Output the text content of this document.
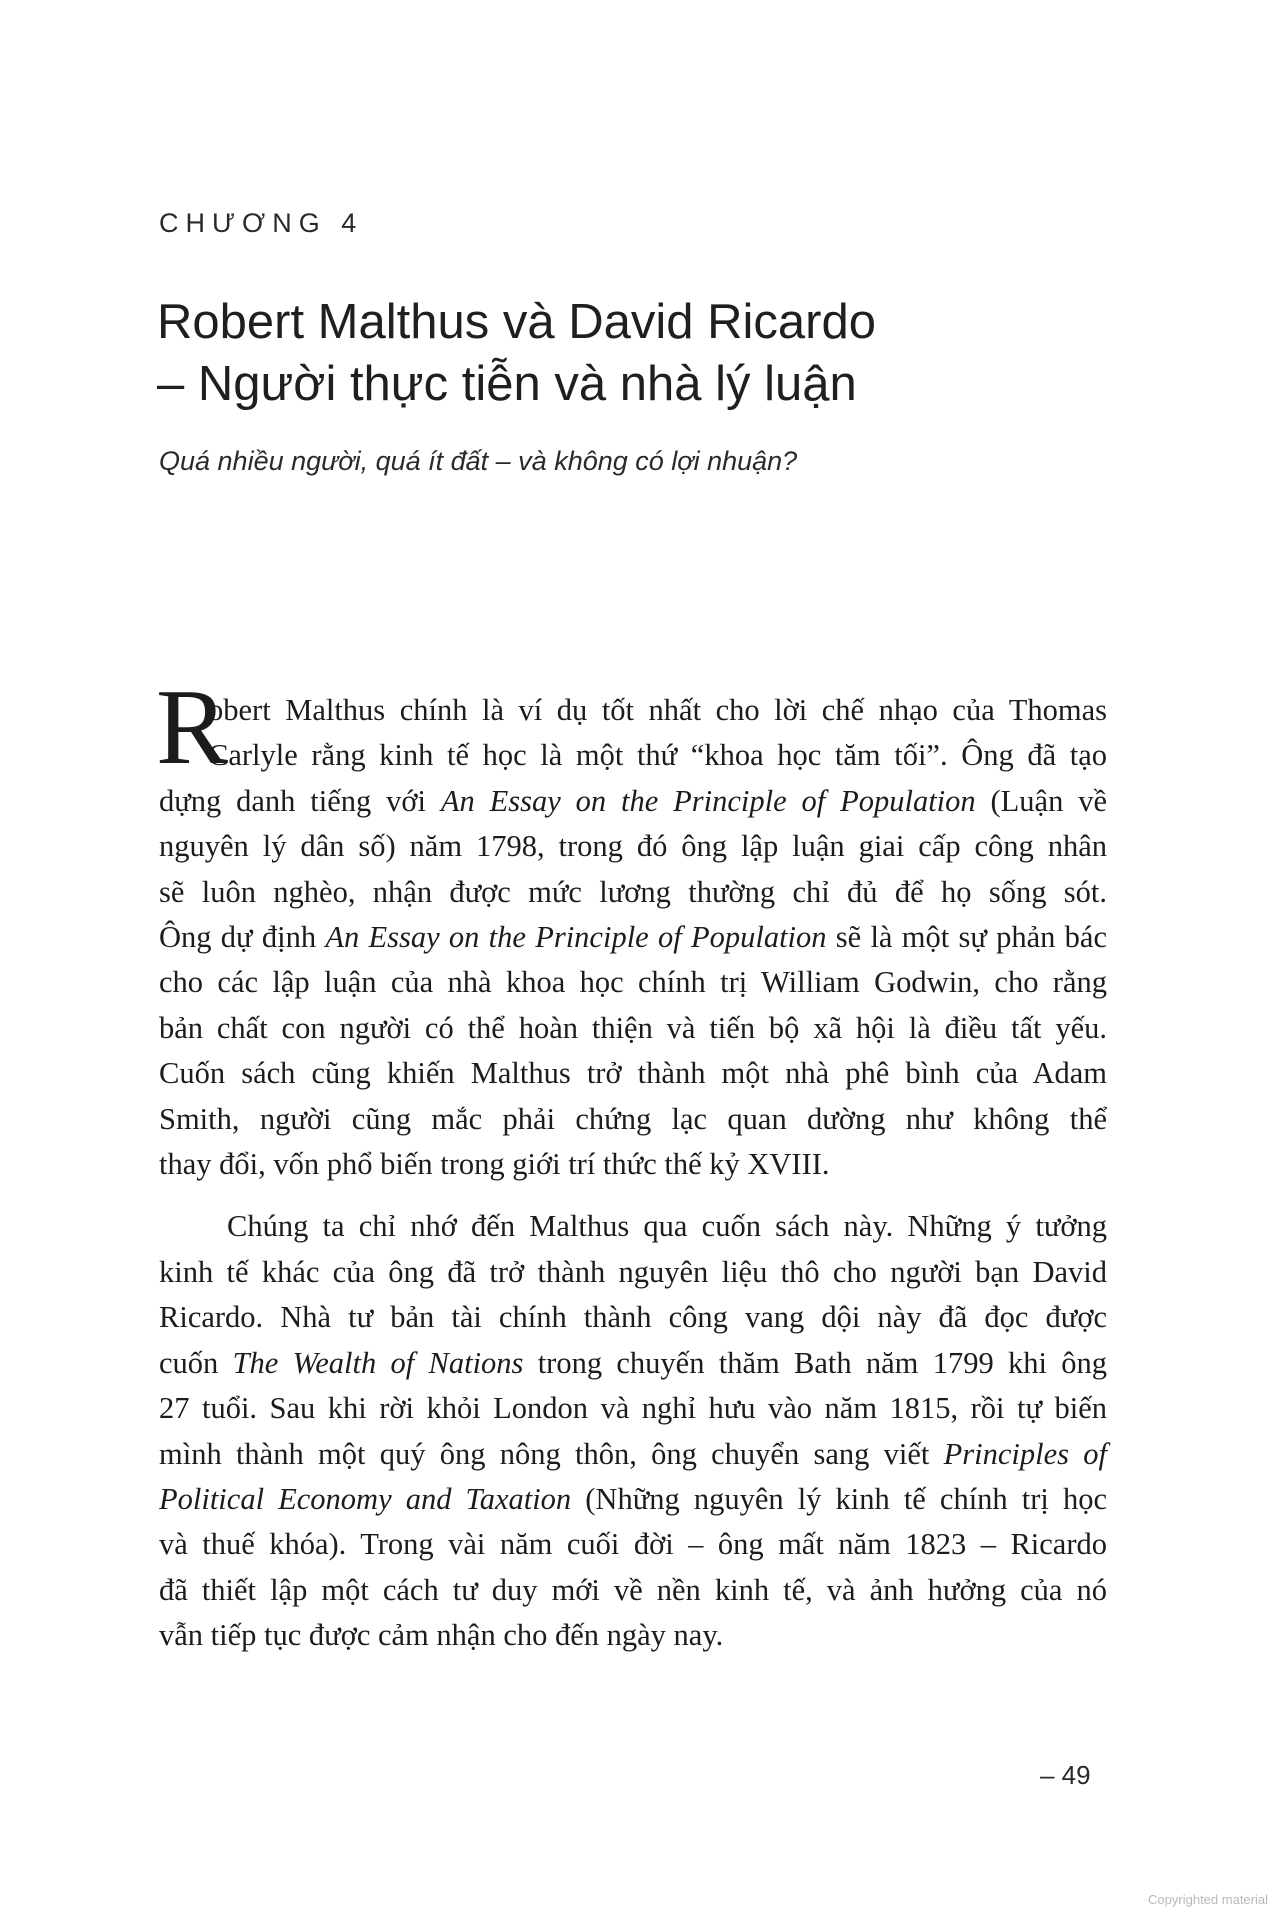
CHƯƠNG 4
Robert Malthus và David Ricardo
– Người thực tiễn và nhà lý luận
Quá nhiều người, quá ít đất – và không có lợi nhuận?

R
obert Malthus chính là ví dụ tốt nhất cho lời chế nhạo của Thomas
Carlyle rằng kinh tế học là một thứ “khoa học tăm tối”. Ông đã tạo
dựng danh tiếng với An Essay on the Principle of Population (Luận về
nguyên lý dân số) năm 1798, trong đó ông lập luận giai cấp công nhân
sẽ luôn nghèo, nhận được mức lương thường chỉ đủ để họ sống sót.
Ông dự định An Essay on the Principle of Population sẽ là một sự phản bác
cho các lập luận của nhà khoa học chính trị William Godwin, cho rằng
bản chất con người có thể hoàn thiện và tiến bộ xã hội là điều tất yếu.
Cuốn sách cũng khiến Malthus trở thành một nhà phê bình của Adam
Smith, người cũng mắc phải chứng lạc quan dường như không thể
thay đổi, vốn phổ biến trong giới trí thức thế kỷ XVIII.

Chúng ta chỉ nhớ đến Malthus qua cuốn sách này. Những ý tưởng
kinh tế khác của ông đã trở thành nguyên liệu thô cho người bạn David
Ricardo. Nhà tư bản tài chính thành công vang dội này đã đọc được
cuốn The Wealth of Nations trong chuyến thăm Bath năm 1799 khi ông
27 tuổi. Sau khi rời khỏi London và nghỉ hưu vào năm 1815, rồi tự biến
mình thành một quý ông nông thôn, ông chuyển sang viết Principles of
Political Economy and Taxation (Những nguyên lý kinh tế chính trị học
và thuế khóa). Trong vài năm cuối đời – ông mất năm 1823 – Ricardo
đã thiết lập một cách tư duy mới về nền kinh tế, và ảnh hưởng của nó
vẫn tiếp tục được cảm nhận cho đến ngày nay.

– 49
Copyrighted material
